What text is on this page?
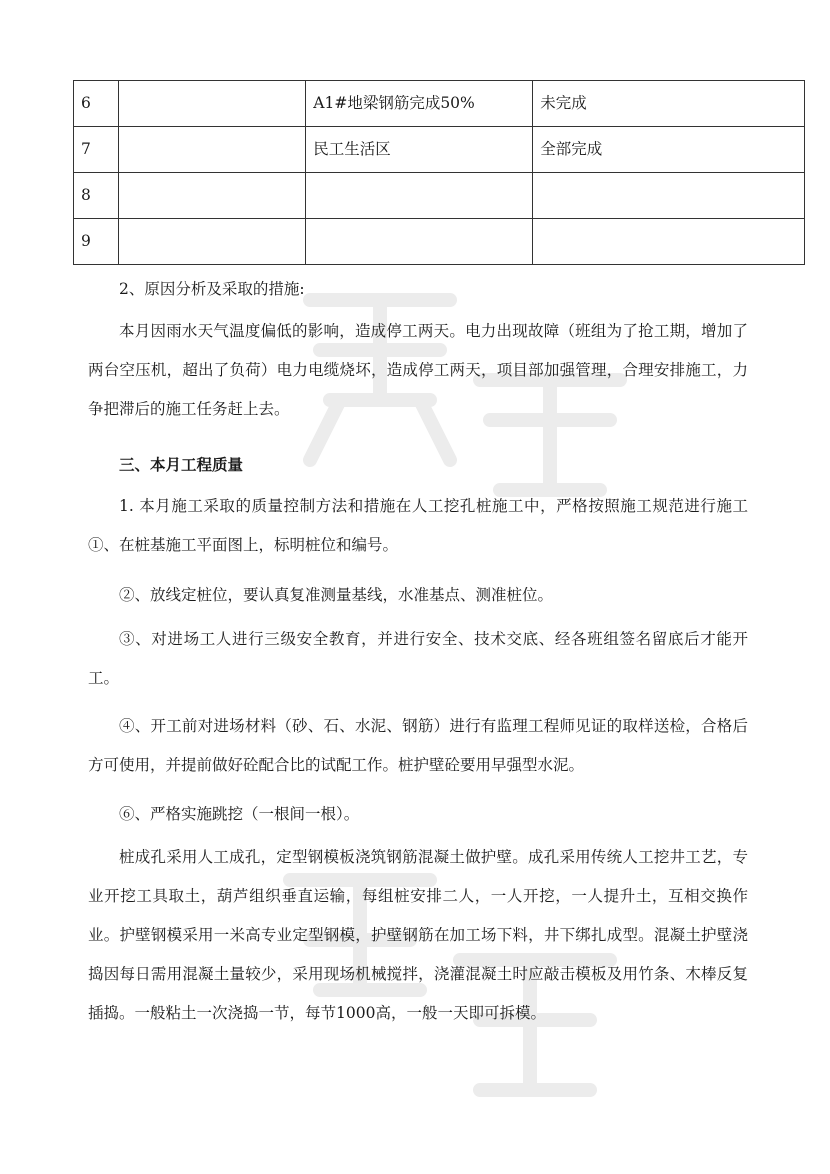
6		A1#地梁钢筋完成50%	未完成
7		民工生活区	全部完成
8			
9			

2、原因分析及采取的措施:

本月因雨水天气温度偏低的影响，造成停工两天。电力出现故障（班组为了抢工期，增加了两台空压机，超出了负荷）电力电缆烧坏，造成停工两天，项目部加强管理，合理安排施工，力争把滞后的施工任务赶上去。

三、本月工程质量

1. 本月施工采取的质量控制方法和措施在人工挖孔桩施工中，严格按照施工规范进行施工①、在桩基施工平面图上，标明桩位和编号。

②、放线定桩位，要认真复准测量基线，水准基点、测准桩位。

③、对进场工人进行三级安全教育，并进行安全、技术交底、经各班组签名留底后才能开工。

④、开工前对进场材料（砂、石、水泥、钢筋）进行有监理工程师见证的取样送检，合格后方可使用，并提前做好砼配合比的试配工作。桩护壁砼要用早强型水泥。

⑥、严格实施跳挖（一根间一根）。

桩成孔采用人工成孔，定型钢模板浇筑钢筋混凝土做护壁。成孔采用传统人工挖井工艺，专业开挖工具取土，葫芦组织垂直运输，每组桩安排二人，一人开挖，一人提升土，互相交换作业。护壁钢模采用一米高专业定型钢模，护壁钢筋在加工场下料，井下绑扎成型。混凝土护壁浇捣因每日需用混凝土量较少，采用现场机械搅拌，浇灌混凝土时应敲击模板及用竹条、木棒反复插捣。一般粘土一次浇捣一节，每节1000高，一般一天即可拆模。
